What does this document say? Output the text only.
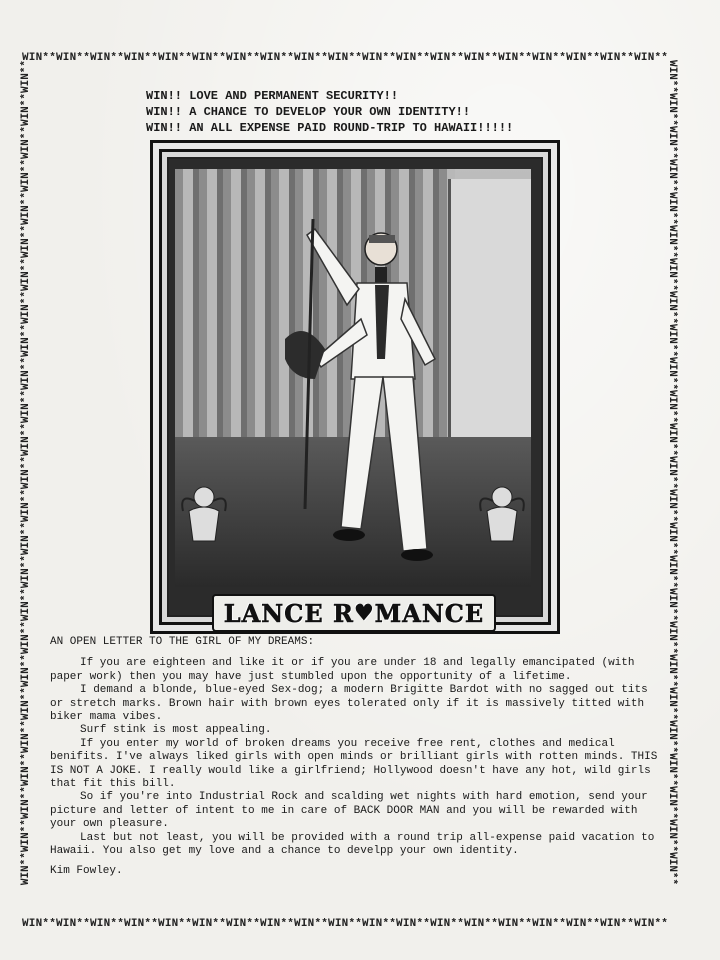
WIN**WIN**WIN**WIN**WIN**WIN**WIN**WIN**WIN**WIN**WIN**WIN**WIN**WIN**WIN**WIN**WIN**WIN**WIN**
WIN**WIN**WIN**WIN**WIN**WIN**WIN**WIN**WIN**WIN**WIN**WIN**WIN**WIN**WIN**WIN**WIN**WIN**WIN**
WIN**WIN**WIN**WIN**WIN**WIN**WIN**WIN**WIN**WIN**WIN**WIN**WIN**WIN**WIN**WIN**WIN**WIN**WIN**WIN**WIN**WIN**WIN**WIN**WIN**	WIN**WIN**WIN**WIN**WIN**WIN**WIN**WIN**WIN**WIN**WIN**WIN**WIN**WIN**WIN**WIN**WIN**WIN**WIN**WIN**WIN**WIN**WIN**WIN**WIN**
WIN!! LOVE AND PERMANENT SECURITY!!
WIN!! A CHANCE TO DEVELOP YOUR OWN IDENTITY!!
WIN!! AN ALL EXPENSE PAID ROUND-TRIP TO HAWAII!!!!!
LANCE R ♥ MANCE

AN OPEN LETTER TO THE GIRL OF MY DREAMS:

If you are eighteen and like it or if you are under 18 and legally emancipated (with paper work) then you may have just stumbled upon the opportunity of a lifetime.

I demand a blonde, blue-eyed Sex-dog; a modern Brigitte Bardot with no sagged out tits or stretch marks. Brown hair with brown eyes tolerated only if it is massively titted with biker mama vibes.

Surf stink is most appealing.

If you enter my world of broken dreams you receive free rent, clothes and medical benifits. I've always liked girls with open minds or brilliant girls with rotten minds. THIS IS NOT A JOKE. I really would like a girlfriend; Hollywood doesn't have any hot, wild girls that fit this bill.

So if you're into Industrial Rock and scalding wet nights with hard emotion, send your picture and letter of intent to me in care of BACK DOOR MAN and you will be rewarded with your own pleasure.

Last but not least, you will be provided with a round trip all-expense paid vacation to Hawaii. You also get my love and a chance to develpp your own identity.

Kim Fowley.
